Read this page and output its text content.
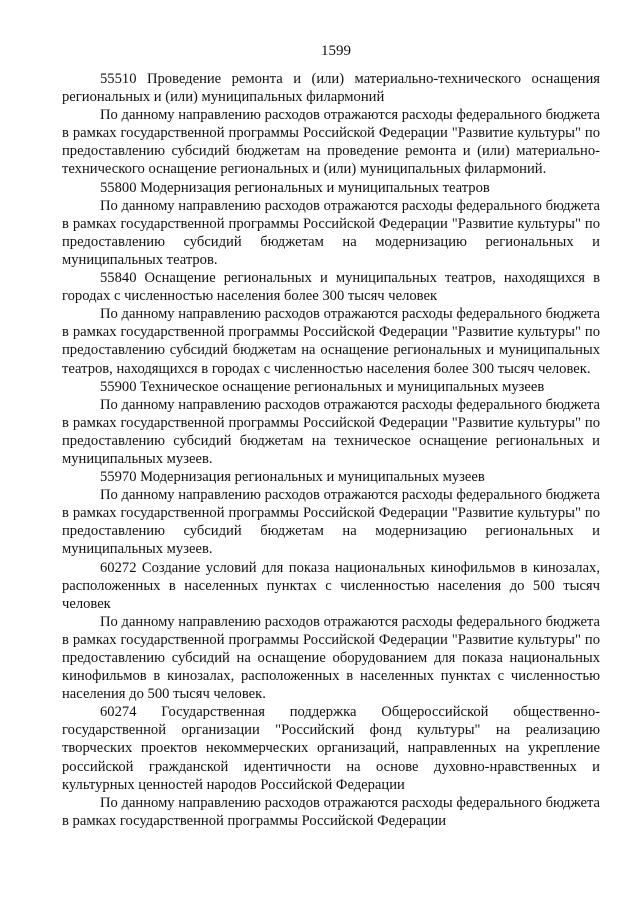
1599

55510 Проведение ремонта и (или) материально-технического оснащения региональных и (или) муниципальных филармоний

По данному направлению расходов отражаются расходы федерального бюджета в рамках государственной программы Российской Федерации "Развитие культуры" по предоставлению субсидий бюджетам на проведение ремонта и (или) материально-технического оснащение региональных и (или) муниципальных филармоний.

55800 Модернизация региональных и муниципальных театров

По данному направлению расходов отражаются расходы федерального бюджета в рамках государственной программы Российской Федерации "Развитие культуры" по предоставлению субсидий бюджетам на модернизацию региональных и муниципальных театров.

55840 Оснащение региональных и муниципальных театров, находящихся в городах с численностью населения более 300 тысяч человек

По данному направлению расходов отражаются расходы федерального бюджета в рамках государственной программы Российской Федерации "Развитие культуры" по предоставлению субсидий бюджетам на оснащение региональных и муниципальных театров, находящихся в городах с численностью населения более 300 тысяч человек.

55900 Техническое оснащение региональных и муниципальных музеев

По данному направлению расходов отражаются расходы федерального бюджета в рамках государственной программы Российской Федерации "Развитие культуры" по предоставлению субсидий бюджетам на техническое оснащение региональных и муниципальных музеев.

55970 Модернизация региональных и муниципальных музеев

По данному направлению расходов отражаются расходы федерального бюджета в рамках государственной программы Российской Федерации "Развитие культуры" по предоставлению субсидий бюджетам на модернизацию региональных и муниципальных музеев.

60272 Создание условий для показа национальных кинофильмов в кинозалах, расположенных в населенных пунктах с численностью населения до 500 тысяч человек

По данному направлению расходов отражаются расходы федерального бюджета в рамках государственной программы Российской Федерации "Развитие культуры" по предоставлению субсидий на оснащение оборудованием для показа национальных кинофильмов в кинозалах, расположенных в населенных пунктах с численностью населения до 500 тысяч человек.

60274 Государственная поддержка Общероссийской общественно-государственной организации "Российский фонд культуры" на реализацию творческих проектов некоммерческих организаций, направленных на укрепление российской гражданской идентичности на основе духовно-нравственных и культурных ценностей народов Российской Федерации

По данному направлению расходов отражаются расходы федерального бюджета в рамках государственной программы Российской Федерации
